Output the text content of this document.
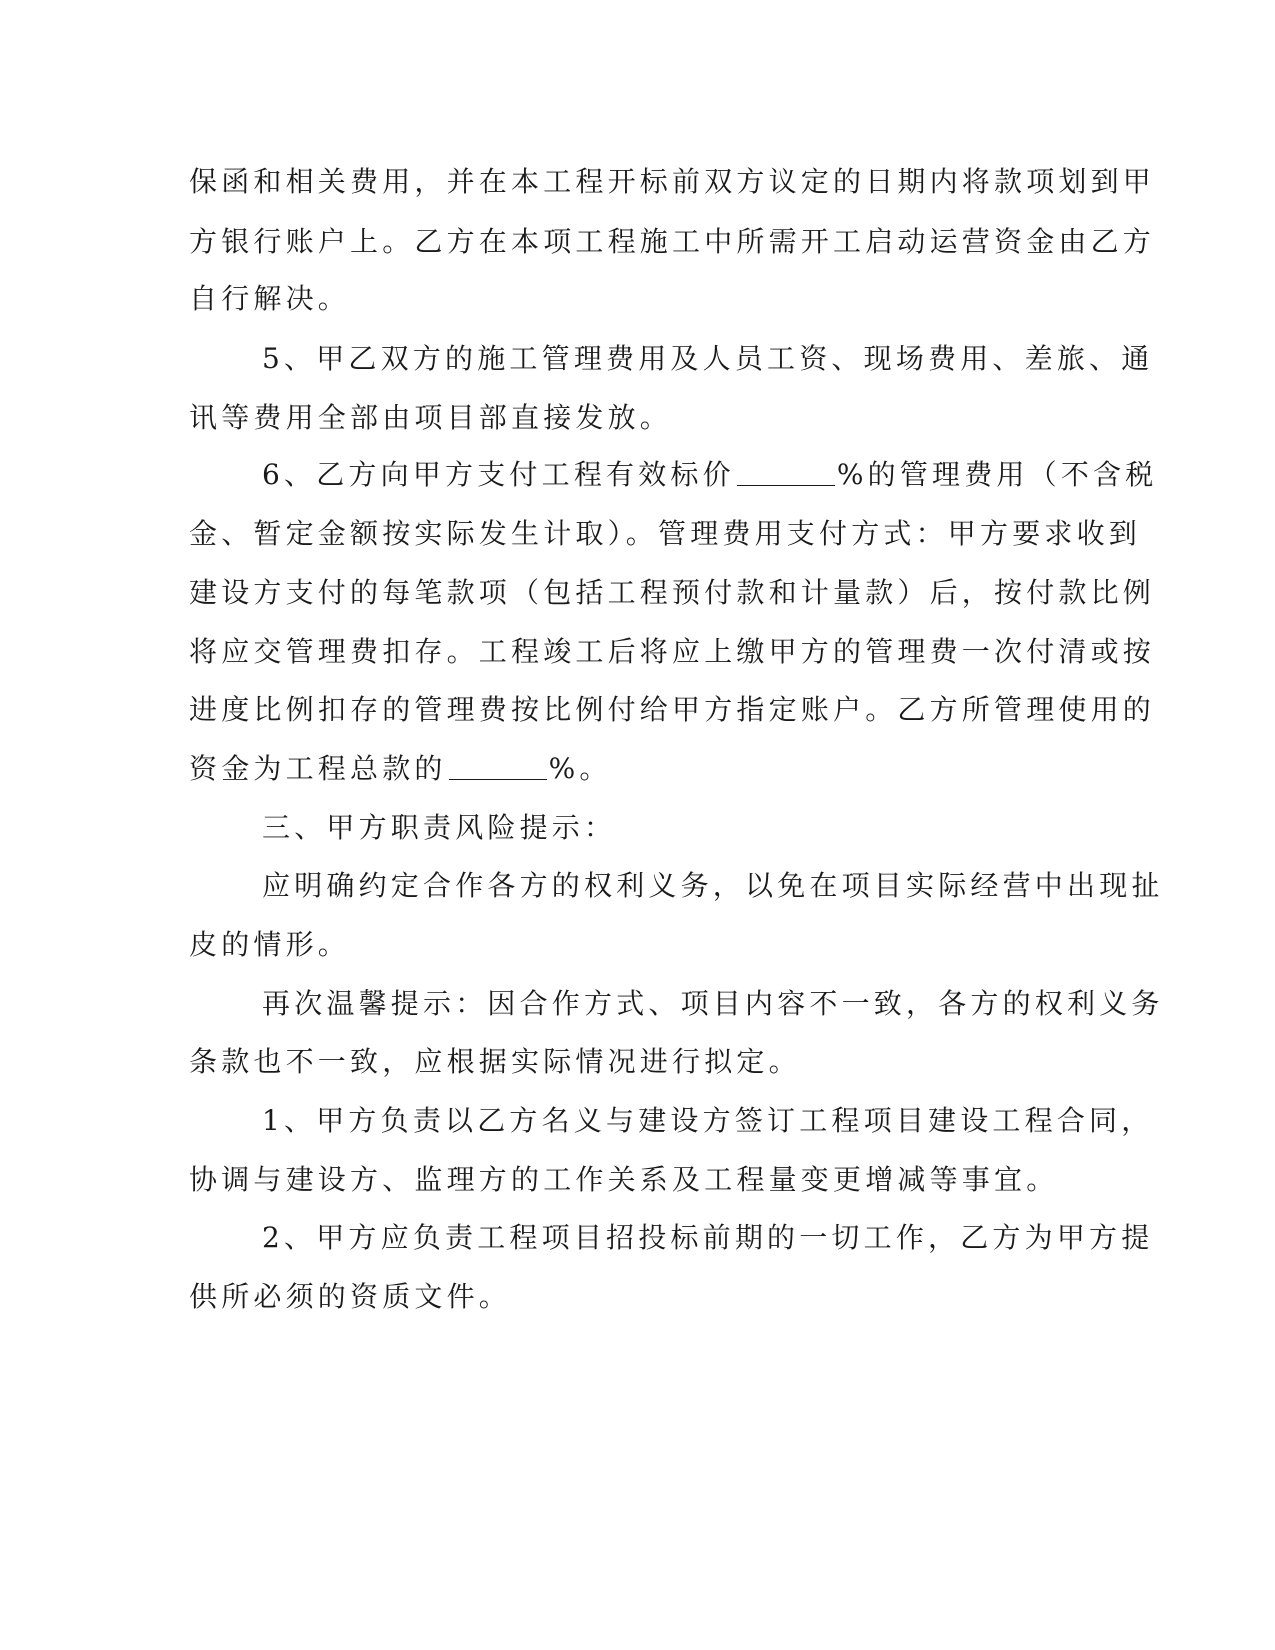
保函和相关费用，并在本工程开标前双方议定的日期内将款项划到甲
方银行账户上。乙方在本项工程施工中所需开工启动运营资金由乙方
自行解决。
5、甲乙双方的施工管理费用及人员工资、现场费用、差旅、通
讯等费用全部由项目部直接发放。
6、乙方向甲方支付工程有效标价	%的管理费用（不含税
金、暂定金额按实际发生计取）。管理费用支付方式：甲方要求收到
建设方支付的每笔款项（包括工程预付款和计量款）后，按付款比例
将应交管理费扣存。工程竣工后将应上缴甲方的管理费一次付清或按
进度比例扣存的管理费按比例付给甲方指定账户。乙方所管理使用的
资金为工程总款的	%。
三、甲方职责风险提示：
应明确约定合作各方的权利义务，以免在项目实际经营中出现扯
皮的情形。
再次温馨提示：因合作方式、项目内容不一致，各方的权利义务
条款也不一致，应根据实际情况进行拟定。
1、甲方负责以乙方名义与建设方签订工程项目建设工程合同，
协调与建设方、监理方的工作关系及工程量变更增减等事宜。
2、甲方应负责工程项目招投标前期的一切工作，乙方为甲方提
供所必须的资质文件。
